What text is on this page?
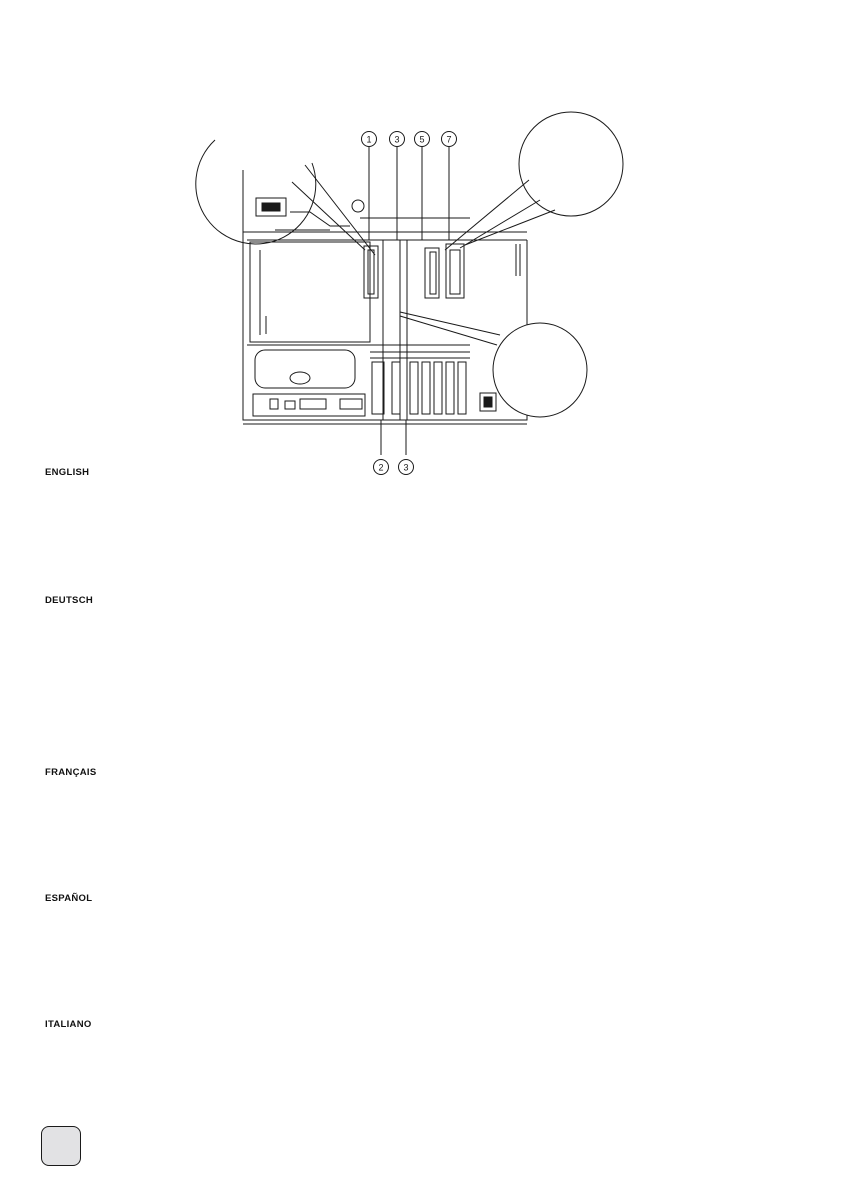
1	3 5 7
2 3
ENGLISH
DEUTSCH
FRANÇAIS
ESPAÑOL
ITALIANO
